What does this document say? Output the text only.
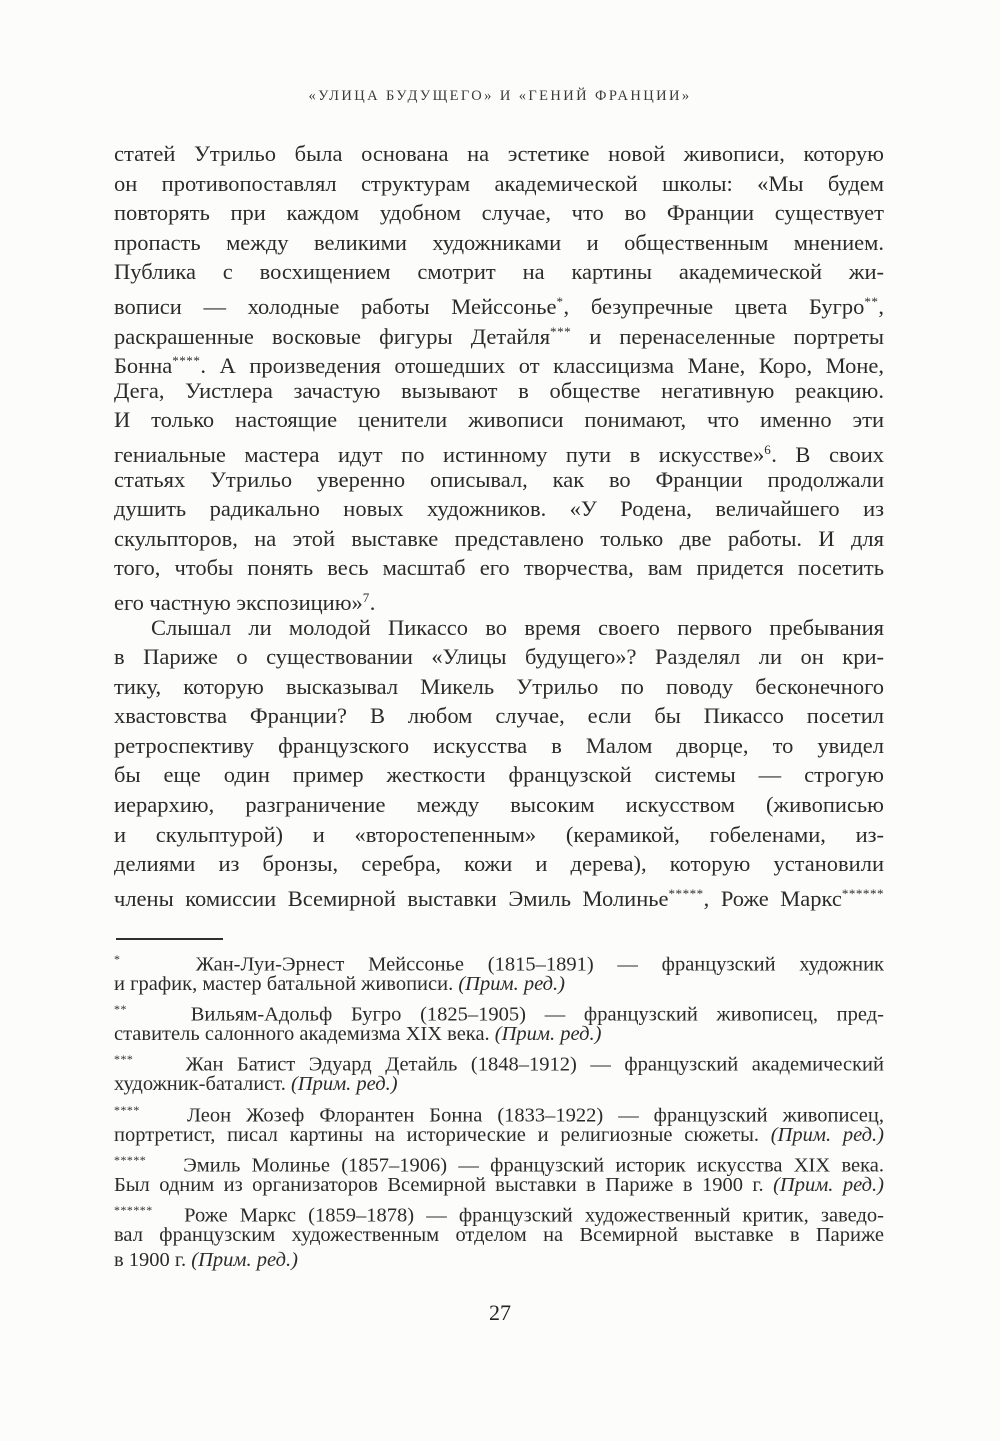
«УЛИЦА БУДУЩЕГО» И «ГЕНИЙ ФРАНЦИИ»
статей Утрильо была основана на эстетике новой живописи, которую
он противопоставлял структурам академической школы: «Мы будем
повторять при каждом удобном случае, что во Франции существует
пропасть между великими художниками и общественным мнением.
Публика с восхищением смотрит на картины академической жи-
вописи — холодные работы Мейссонье*, безупречные цвета Бугро**,
раскрашенные восковые фигуры Детайля*** и перенаселенные портреты
Бонна****. А произведения отошедших от классицизма Мане, Коро, Моне,
Дега, Уистлера зачастую вызывают в обществе негативную реакцию.
И только настоящие ценители живописи понимают, что именно эти
гениальные мастера идут по истинному пути в искусстве»$^6$. В своих
статьях Утрильо уверенно описывал, как во Франции продолжали
душить радикально новых художников. «У Родена, величайшего из
скульпторов, на этой выставке представлено только две работы. И для
того, чтобы понять весь масштаб его творчества, вам придется посетить
его частную экспозицию»$^7$.
Слышал ли молодой Пикассо во время своего первого пребывания
в Париже о существовании «Улицы будущего»? Разделял ли он кри-
тику, которую высказывал Микель Утрильо по поводу бесконечного
хвастовства Франции? В любом случае, если бы Пикассо посетил
ретроспективу французского искусства в Малом дворце, то увидел
бы еще один пример жесткости французской системы — строгую
иерархию, разграничение между высоким искусством (живописью
и скульптурой) и «второстепенным» (керамикой, гобеленами, из-
делиями из бронзы, серебра, кожи и дерева), которую установили
члены комиссии Всемирной выставки Эмиль Молинье*****, Роже Маркс******
*	Жан-Луи-Эрнест Мейссонье (1815–1891) — французский художник
и график, мастер батальной живописи. (Прим. ред.)
** Вильям-Адольф Бугро (1825–1905) — французский живописец, пред-
ставитель салонного академизма XIX века. (Прим. ред.)
*** Жан Батист Эдуард Детайль (1848–1912) — французский академический
художник-баталист. (Прим. ред.)
**** Леон Жозеф Флорантен Бонна (1833–1922) — французский живописец,
портретист, писал картины на исторические и религиозные сюжеты. (Прим. ред.)
***** Эмиль Молинье (1857–1906) — французский историк искусства XIX века.
Был одним из организаторов Всемирной выставки в Париже в 1900 г. (Прим. ред.)
****** Роже Маркс (1859–1878) — французский художественный критик, заведо-
вал французским художественным отделом на Всемирной выставке в Париже
в 1900 г. (Прим. ред.)
27
